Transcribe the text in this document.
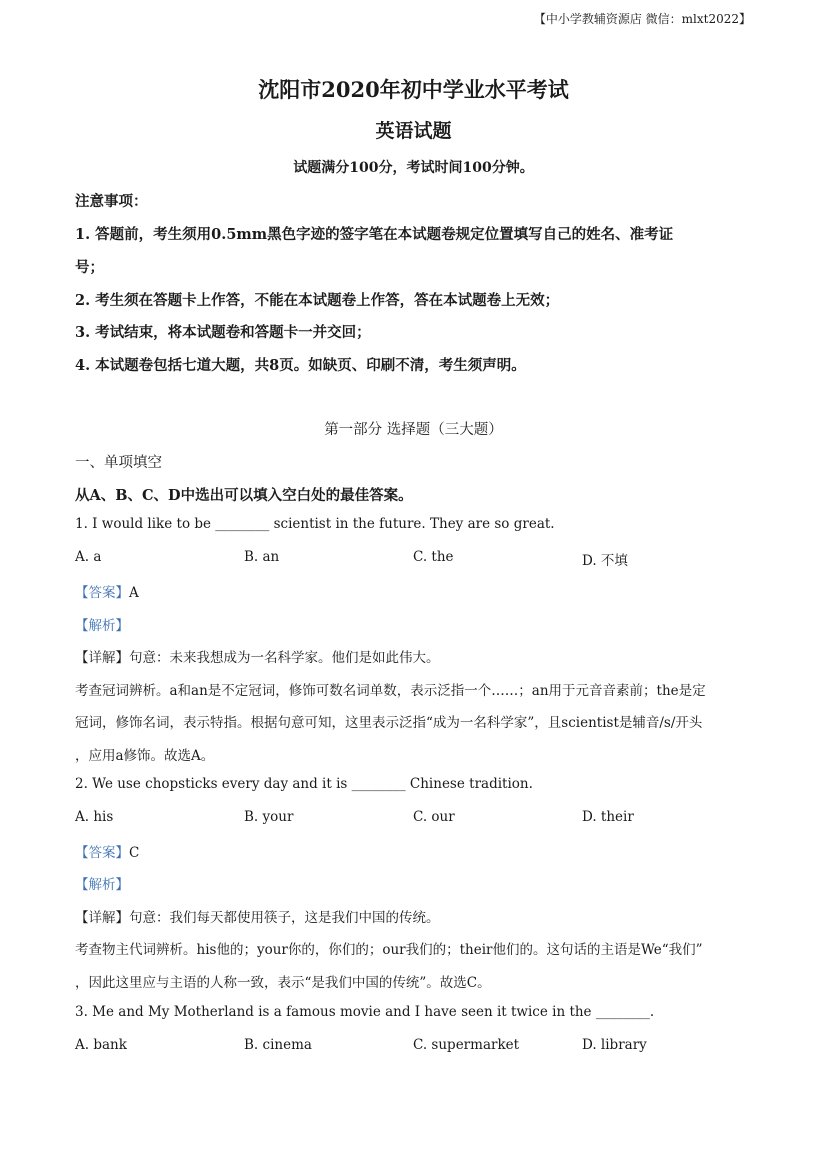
【中小学教辅资源店 微信：mlxt2022】
沈阳市2020年初中学业水平考试
英语试题
试题满分100分，考试时间100分钟。
注意事项：
1. 答题前，考生须用0.5mm黑色字迹的签字笔在本试题卷规定位置填写自己的姓名、准考证
号；
2. 考生须在答题卡上作答，不能在本试题卷上作答，答在本试题卷上无效；
3. 考试结束，将本试题卷和答题卡一并交回；
4. 本试题卷包括七道大题，共8页。如缺页、印刷不清，考生须声明。
第一部分 选择题（三大题）
一、单项填空
从A、B、C、D中选出可以填入空白处的最佳答案。
1. I would like to be ________ scientist in the future. They are so great.
A. a	B. an	C. the	D. 不填
【答案】A
【解析】
【详解】句意：未来我想成为一名科学家。他们是如此伟大。
考查冠词辨析。a和an是不定冠词，修饰可数名词单数，表示泛指一个……；an用于元音音素前；the是定
冠词，修饰名词，表示特指。根据句意可知，这里表示泛指“成为一名科学家”，且scientist是辅音/s/开头
，应用a修饰。故选A。
2. We use chopsticks every day and it is ________ Chinese tradition.
A. his	B. your	C. our	D. their
【答案】C
【解析】
【详解】句意：我们每天都使用筷子，这是我们中国的传统。
考查物主代词辨析。his他的；your你的，你们的；our我们的；their他们的。这句话的主语是We“我们”
，因此这里应与主语的人称一致，表示“是我们中国的传统”。故选C。
3. Me and My Motherland is a famous movie and I have seen it twice in the ________.
A. bank	B. cinema	C. supermarket	D. library
